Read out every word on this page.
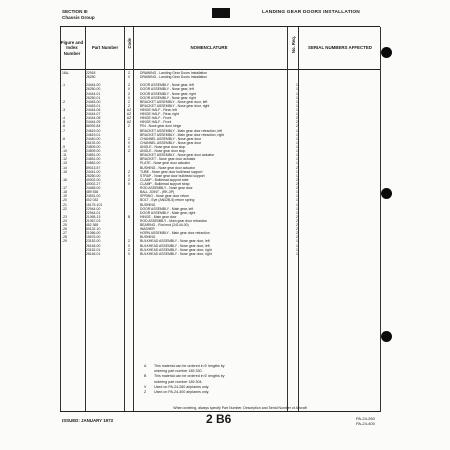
SECTION III
Chassis Group
LANDING GEAR DOORS INSTALLATION
Figure and Index Number
Part Number	Code	NOMENCLATURE	No. Req.	SERIAL NUMBERS AFFECTED
16A-	22918	Z	DRAWING - Landing Gear Doors Installation
26250	V	DRAWING - Landing Gear Doors Installation
-1	24444-00	Z	DOOR ASSEMBLY - Nose gear, left	1
26250-00	V	DOOR ASSEMBLY - Nose gear, left	1
24444-01	Z	DOOR ASSEMBLY - Nose gear, right	1
26250-01	V	DOOR ASSEMBLY - Nose gear, right	1
-2	24463-00	Z	BRACKET ASSEMBLY - Nose gear door, left	1
24463-01	Z	BRACKET ASSEMBLY - Nose gear door, right	1
-3	24444-06	AZ	HINGE HALF - Rear, left	1
24444-07	AZ	HINGE HALF - Rear, right	1
-4	24444-08	AZ	HINGE HALF - Front	2
-5	24444-09	AZ	HINGE HALF - Front	2
-6	86092-84	Z	PIN - Nose gear door hinge	2
-7	24619-00	BRACKET ASSEMBLY - Main gear door retraction, left	1
24619-01	BRACKET ASSEMBLY - Main gear door retraction, right	1
-8	24440-00	Z	CHANNEL ASSEMBLY - Nose gear door	1
26192-00	V	CHANNEL ASSEMBLY - Nose gear door	1
-9	24509-00	V	ANGLE - Nose gear door stop	1
-10	24509-00	Z	ANGLE - Nose gear door stop	1
-11	24561-00	BRACKET ASSEMBLY - Nose gear door actuator	1
-12	24651-00	BRACKET - Nose gear door actuator	1
-13	24562-00	PLATE - Nose gear door actuator	1
-14	89013-57	BUSHING - Nose gear door actuator	2
-15	24441-00	Z	TUBE - Nose gear door bulkhead support	1
26260-00	V	STRAP - Nose gear door bulkhead support	1
-16	40002-00	Z	CLAMP - Bulkhead support tube	2
40002-27	V	CLAMP - Bulkhead support strap	2
-17	24465-00	ROD ASSEMBLY - Nose gear door	2
-18	489 536	BALL JOINT - (RK-3P)	1
-19	24531-00	SPRING - Nose gear door return	1
-20	402 032	BOLT - Eye (AN42B-5) return spring	1
-21	16175-101	BUSHING	1
-22	22944-00	DOOR ASSEMBLY - Main gear, left	1
22944-01	DOOR ASSEMBLY - Main gear, right	1
-23	21065-13	B	HINGE - Main gear door	2
-24	21067-03	ROD ASSEMBLY - Main gear door retraction	2
-25	452 365	BEARING - Rod end (24144-00)	2
-26	60132-10	WASHER	2
-27	21066-00	HORN ASSEMBLY - Main gear door retraction	2
-28	15676-00	BUSHING	2
-29	23152-00	Z	BULKHEAD ASSEMBLY - Nose gear door, left	1
26146-00	V	BULKHEAD ASSEMBLY - Nose gear door, left	1
23152-01	Z	BULKHEAD ASSEMBLY - Nose gear door, right	1
26146-01	V	BULKHEAD ASSEMBLY - Nose gear door, right	1
A This material can be ordered in 6' lengths by
ordering part number 189 330.
B This material can be ordered in 6' lengths by
ordering part number 189 304.
V Used on PA-24-260 airplanes only.
Z Used on PA-24-400 airplanes only.
When ordering, always specify Part Number, Description and Serial Number of Aircraft
ISSUED: JANUARY 1973	2 B6	PA-24-260
PA-24-400
